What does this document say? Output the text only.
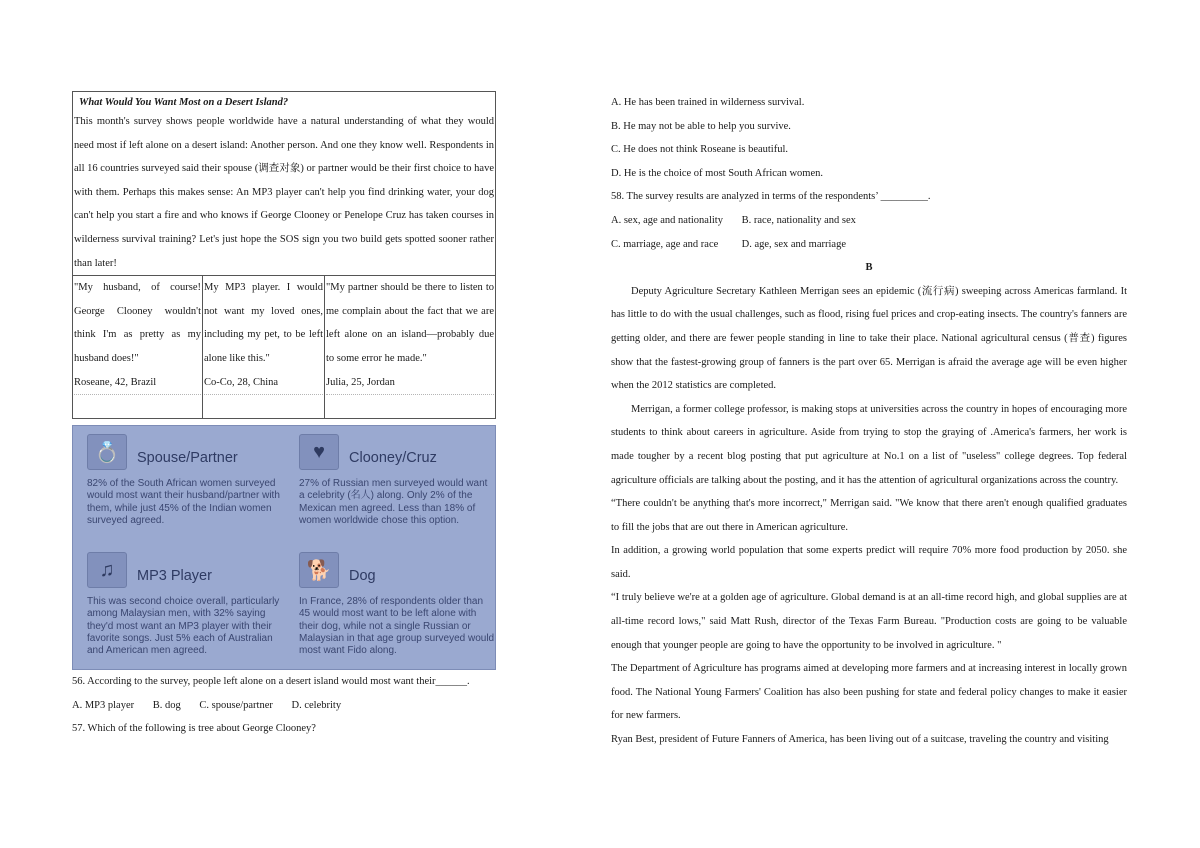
What Would You Want Most on a Desert Island?
This month's survey shows people worldwide have a natural understanding of what they would need most if left alone on a desert island: Another person. And one they know well. Respondents in all 16 countries surveyed said their spouse (调查对象) or partner would be their first choice to have with them. Perhaps this makes sense: An MP3 player can't help you find drinking water, your dog can't help you start a fire and who knows if George Clooney or Penelope Cruz has taken courses in wilderness survival training? Let's just hope the SOS sign you two build gets spotted sooner rather than later!
"My husband, of course! George Clooney wouldn't think I'm as pretty as my husband does!"
Roseane, 42, Brazil
My MP3 player. I would not want my loved ones, including my pet, to be left alone like this."
Co-Co, 28, China
"My partner should be there to listen to me complain about the fact that we are left alone on an island—probably due to some error he made."
Julia, 25, Jordan
💍	Spouse/Partner
82% of the South African women surveyed would most want their husband/partner with them, while just 45% of the Indian women surveyed agreed.
♥	Clooney/Cruz
27% of Russian men surveyed would want a celebrity (名人) along. Only 2% of the Mexican men agreed. Less than 18% of women worldwide chose this option.
♫	MP3 Player
This was second choice overall, particularly among Malaysian men, with 32% saying they'd most want an MP3 player with their favorite songs. Just 5% each of Australian and American men agreed.
🐕	Dog
In France, 28% of respondents older than 45 would most want to be left alone with their dog, while not a single Russian or Malaysian in that age group surveyed would most want Fido along.
56. According to the survey, people left alone on a desert island would most want their______.
A. MP3 player B. dog C. spouse/partner D. celebrity
57. Which of the following is tree about George Clooney?
A. He has been trained in wilderness survival.
B. He may not be able to help you survive.
C. He does not think Roseane is beautiful.
D. He is the choice of most South African women.
58. The survey results are analyzed in terms of the respondents’ _________.
A. sex, age and nationality B. race, nationality and sex
C. marriage, age and race D. age, sex and marriage
B
Deputy Agriculture Secretary Kathleen Merrigan sees an epidemic (流行病) sweeping across Americas farmland. It has little to do with the usual challenges, such as flood, rising fuel prices and crop-eating insects. The country's fanners are getting older, and there are fewer people standing in line to take their place. National agricultural census (普查) figures show that the fastest-growing group of fanners is the part over 65. Merrigan is afraid the average age will be even higher when the 2012 statistics are completed.
Merrigan, a former college professor, is making stops at universities across the country in hopes of encouraging more students to think about careers in agriculture. Aside from trying to stop the graying of .America's farmers, her work is made tougher by a recent blog posting that put agriculture at No.1 on a list of "useless" college degrees. Top federal agriculture officials are talking about the posting, and it has the attention of agricultural organizations across the country.
“There couldn't be anything that's more incorrect," Merrigan said. "We know that there aren't enough qualified graduates to fill the jobs that are out there in American agriculture.
In addition, a growing world population that some experts predict will require 70% more food production by 2050. she said.
“I truly believe we're at a golden age of agriculture. Global demand is at an all-time record high, and global supplies are at all-time record lows," said Matt Rush, director of the Texas Farm Bureau. "Production costs are going to be valuable enough that younger people are going to have the opportunity to be involved in agriculture. "
The Department of Agriculture has programs aimed at developing more farmers and at increasing interest in locally grown food. The National Young Farmers' Coalition has also been pushing for state and federal policy changes to make it easier for new farmers.
Ryan Best, president of Future Fanners of America, has been living out of a suitcase, traveling the country and visiting
